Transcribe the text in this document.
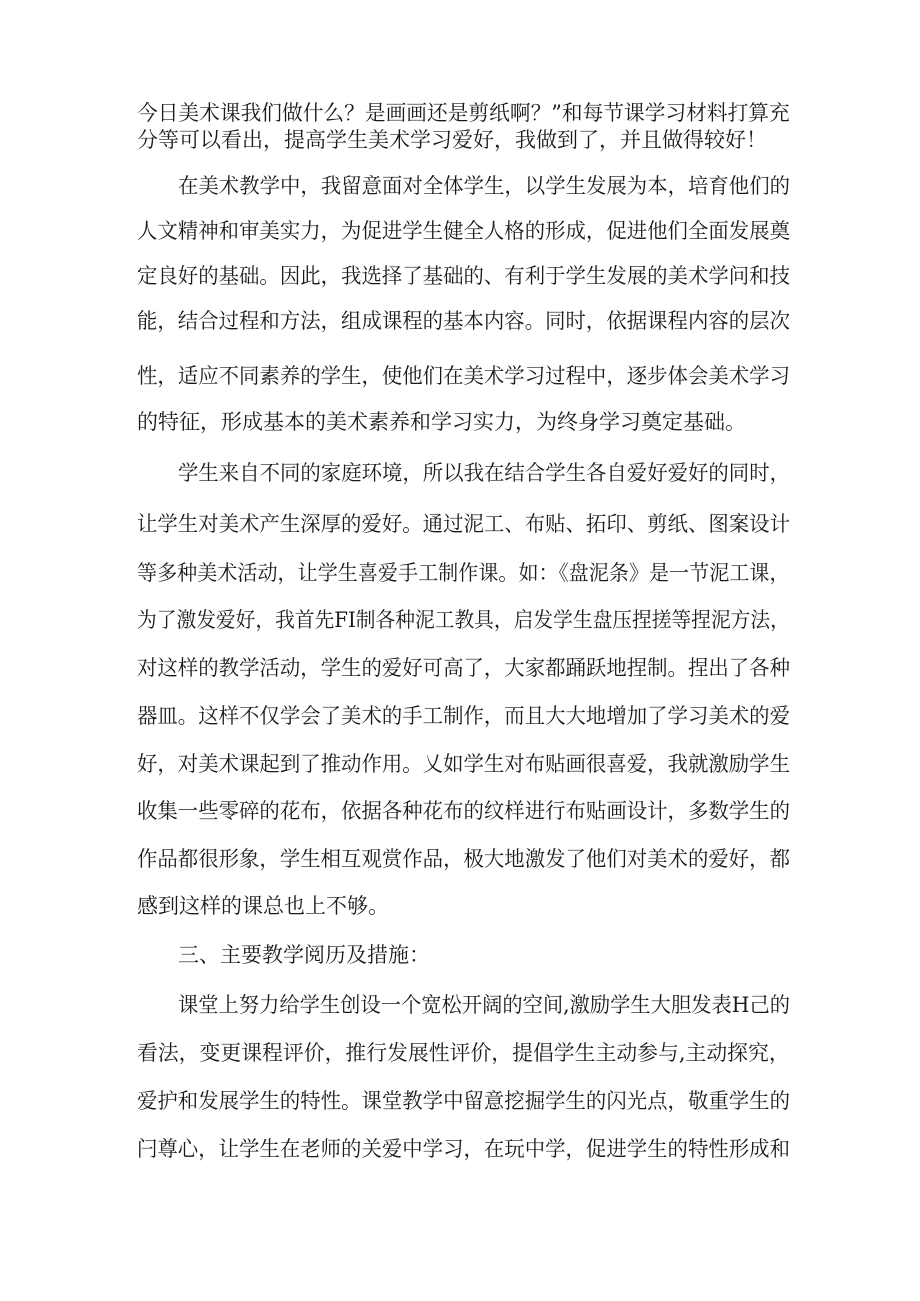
今日美术课我们做什么？是画画还是剪纸啊？”和每节课学习材料打算充
分等可以看出，提高学生美术学习爱好，我做到了，并且做得较好！
在美术教学中，我留意面对全体学生，以学生发展为本，培育他们的
人文精神和审美实力，为促进学生健全人格的形成，促进他们全面发展奠
定良好的基础。因此，我选择了基础的、有利于学生发展的美术学问和技
能，结合过程和方法，组成课程的基本内容。同时，依据课程内容的层次
性，适应不同素养的学生，使他们在美术学习过程中，逐步体会美术学习
的特征，形成基本的美术素养和学习实力，为终身学习奠定基础。
学生来自不同的家庭环境，所以我在结合学生各自爱好爱好的同时，
让学生对美术产生深厚的爱好。通过泥工、布贴、拓印、剪纸、图案设计
等多种美术活动，让学生喜爱手工制作课。如：《盘泥条》是一节泥工课，
为了激发爱好，我首先FI制各种泥工教具，启发学生盘压捏搓等捏泥方法，
对这样的教学活动，学生的爱好可高了，大家都踊跃地捏制。捏出了各种
器皿。这样不仅学会了美术的手工制作，而且大大地增加了学习美术的爱
好，对美术课起到了推动作用。乂如学生对布贴画很喜爱，我就激励学生
收集一些零碎的花布，依据各种花布的纹样进行布贴画设计，多数学生的
作品都很形象，学生相互观赏作品，极大地激发了他们对美术的爱好，都
感到这样的课总也上不够。
三、主要教学阅历及措施：
课堂上努力给学生创设一个宽松开阔的空间,激励学生大胆发表H己的
看法，变更课程评价，推行发展性评价，提倡学生主动参与,主动探究，
爱护和发展学生的特性。课堂教学中留意挖掘学生的闪光点，敬重学生的
闩尊心，让学生在老师的关爱中学习，在玩中学，促进学生的特性形成和
